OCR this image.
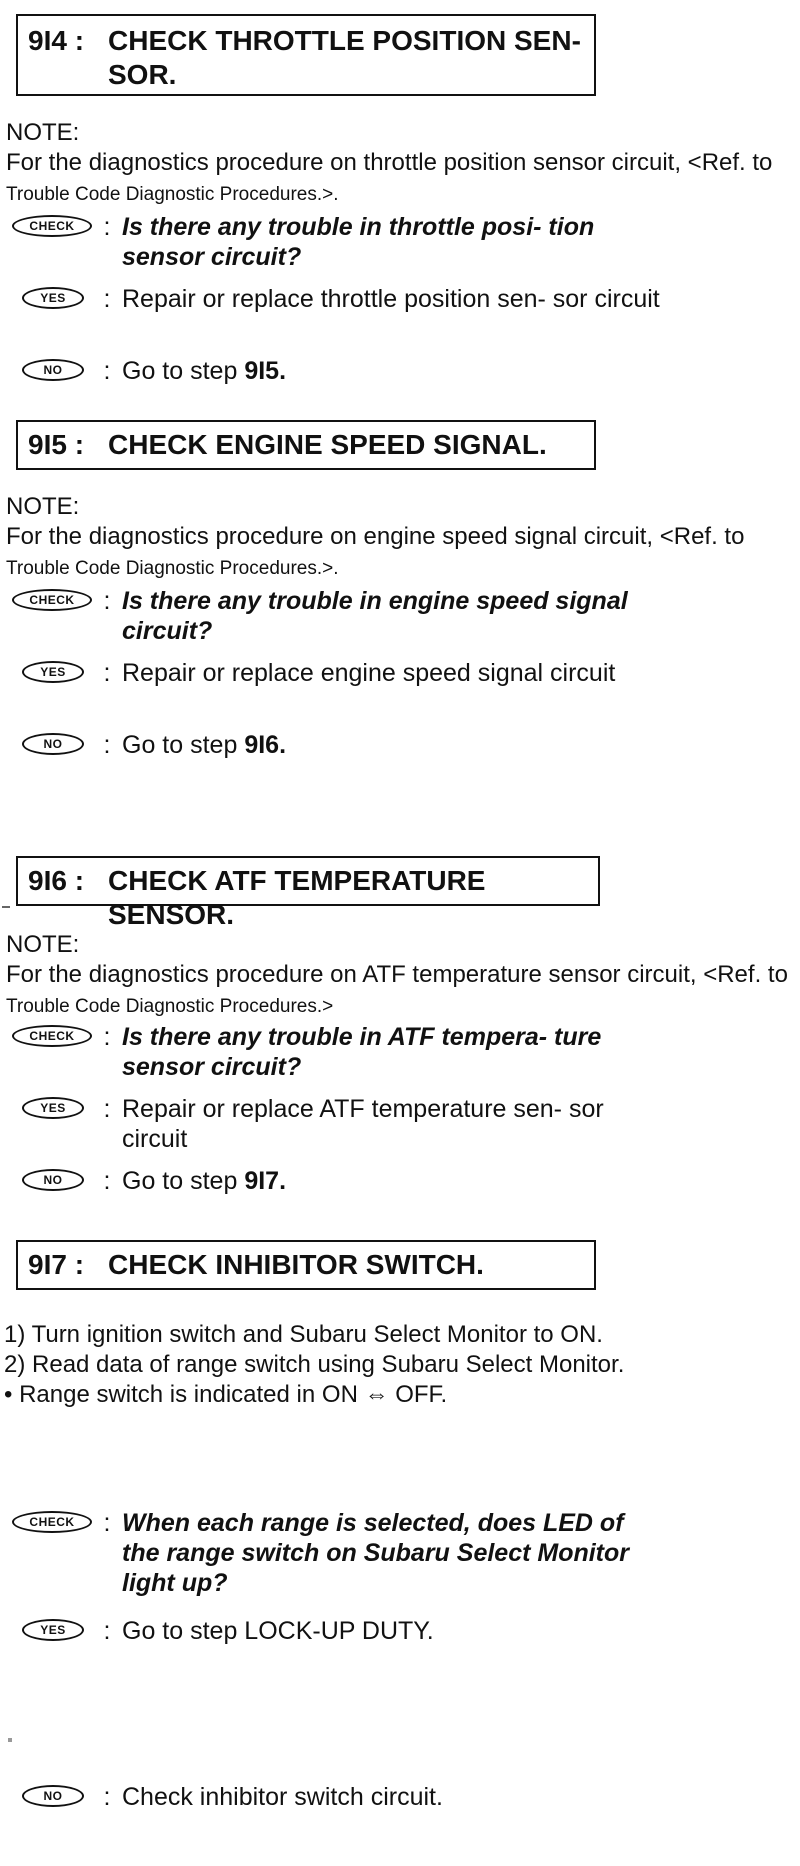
9I4 : CHECK THROTTLE POSITION SEN- SOR.
NOTE:
For the diagnostics procedure on throttle position sensor circuit, <Ref. to Trouble Code Diagnostic Procedures.>.
CHECK	: Is there any trouble in throttle posi- tion sensor circuit?
YES	: Repair or replace throttle position sen- sor circuit
NO	: Go to step 9I5.
9I5 : CHECK ENGINE SPEED SIGNAL.
NOTE:
For the diagnostics procedure on engine speed signal circuit, <Ref. to Trouble Code Diagnostic Procedures.>.
CHECK	: Is there any trouble in engine speed signal circuit?
YES	: Repair or replace engine speed signal circuit
NO	: Go to step 9I6.
9I6 : CHECK ATF TEMPERATURE SENSOR.
NOTE:
For the diagnostics procedure on ATF temperature sensor circuit, <Ref. to Trouble Code Diagnostic Procedures.>
CHECK	: Is there any trouble in ATF tempera- ture sensor circuit?
YES	: Repair or replace ATF temperature sen- sor circuit
NO	: Go to step 9I7.
9I7 : CHECK INHIBITOR SWITCH.

1) Turn ignition switch and Subaru Select Monitor to ON.

2) Read data of range switch using Subaru Select Monitor.

• Range switch is indicated in ON ⇔ OFF.

CHECK	: When each range is selected, does LED of the range switch on Subaru Select Monitor light up?
YES	: Go to step LOCK-UP DUTY.
NO	: Check inhibitor switch circuit.
